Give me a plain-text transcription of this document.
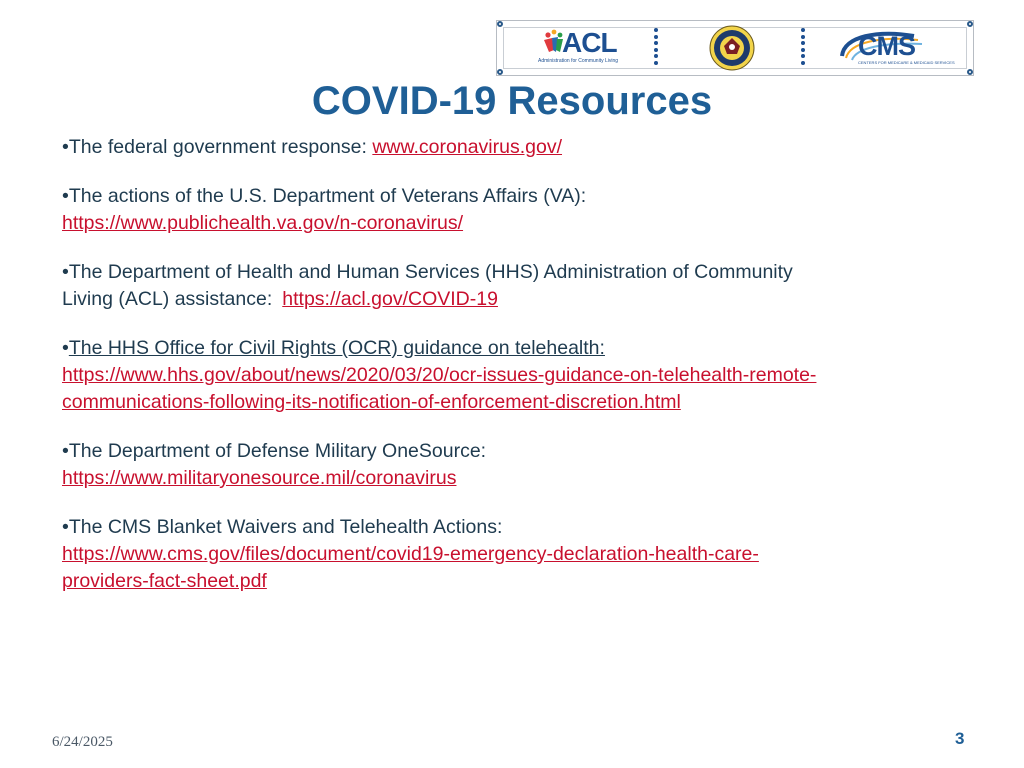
ACL
Administration for Community Living	CMS
CENTERS FOR MEDICARE & MEDICAID SERVICES
COVID-19 Resources

•The federal government response: www.coronavirus.gov/

•The actions of the U.S. Department of Veterans Affairs (VA):

https://www.publichealth.va.gov/n-coronavirus/

•The Department of Health and Human Services (HHS) Administration of Community

Living (ACL) assistance: https://acl.gov/COVID-19

•The HHS Office for Civil Rights (OCR) guidance on telehealth:

https://www.hhs.gov/about/news/2020/03/20/ocr-issues-guidance-on-telehealth-remote-

communications-following-its-notification-of-enforcement-discretion.html

•The Department of Defense Military OneSource:

https://www.militaryonesource.mil/coronavirus

•The CMS Blanket Waivers and Telehealth Actions:

https://www.cms.gov/files/document/covid19-emergency-declaration-health-care-

providers-fact-sheet.pdf

6/24/2025	3
